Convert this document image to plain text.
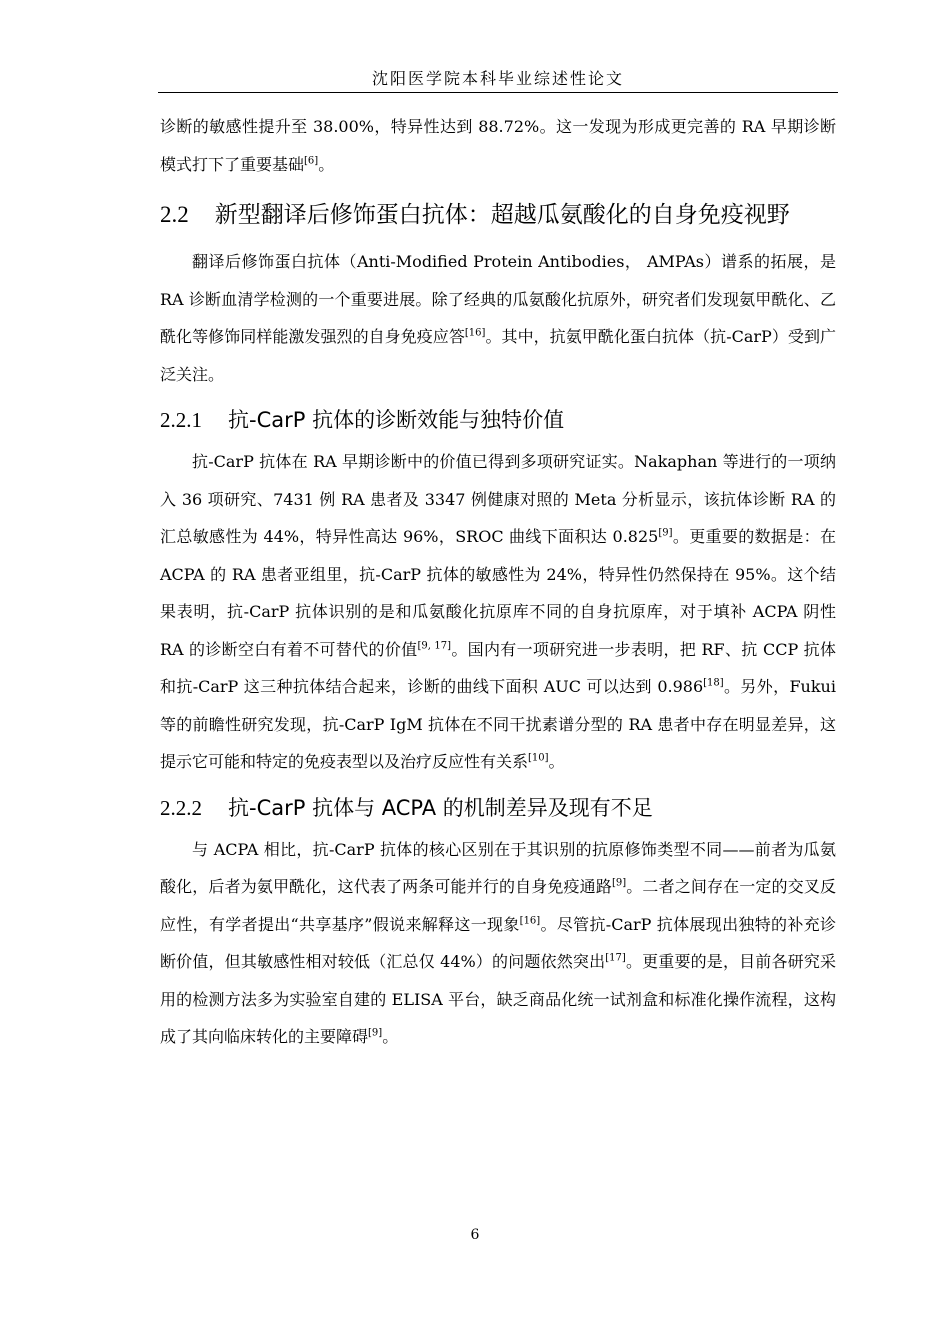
沈阳医学院本科毕业综述性论文

诊断的敏感性提升至 38.00%，特异性达到 88.72%。这一发现为形成更完善的 RA 早期诊断模式打下了重要基础[6]。

2.2 新型翻译后修饰蛋白抗体：超越瓜氨酸化的自身免疫视野

翻译后修饰蛋白抗体（Anti-Modified Protein Antibodies， AMPAs）谱系的拓展，是 RA 诊断血清学检测的一个重要进展。除了经典的瓜氨酸化抗原外，研究者们发现氨甲酰化、乙酰化等修饰同样能激发强烈的自身免疫应答[16]。其中，抗氨甲酰化蛋白抗体（抗-CarP）受到广泛关注。

2.2.1 抗-CarP 抗体的诊断效能与独特价值

抗-CarP 抗体在 RA 早期诊断中的价值已得到多项研究证实。Nakaphan 等进行的一项纳入 36 项研究、7431 例 RA 患者及 3347 例健康对照的 Meta 分析显示，该抗体诊断 RA 的汇总敏感性为 44%，特异性高达 96%，SROC 曲线下面积达 0.825[9]。更重要的数据是：在 ACPA 的 RA 患者亚组里，抗-CarP 抗体的敏感性为 24%，特异性仍然保持在 95%。这个结果表明，抗-CarP 抗体识别的是和瓜氨酸化抗原库不同的自身抗原库，对于填补 ACPA 阴性 RA 的诊断空白有着不可替代的价值[9, 17]。国内有一项研究进一步表明，把 RF、抗 CCP 抗体和抗-CarP 这三种抗体结合起来，诊断的曲线下面积 AUC 可以达到 0.986[18]。另外，Fukui 等的前瞻性研究发现，抗-CarP IgM 抗体在不同干扰素谱分型的 RA 患者中存在明显差异，这提示它可能和特定的免疫表型以及治疗反应性有关系[10]。

2.2.2 抗-CarP 抗体与 ACPA 的机制差异及现有不足

与 ACPA 相比，抗-CarP 抗体的核心区别在于其识别的抗原修饰类型不同——前者为瓜氨酸化，后者为氨甲酰化，这代表了两条可能并行的自身免疫通路[9]。二者之间存在一定的交叉反应性，有学者提出“共享基序”假说来解释这一现象[16]。尽管抗-CarP 抗体展现出独特的补充诊断价值，但其敏感性相对较低（汇总仅 44%）的问题依然突出[17]。更重要的是，目前各研究采用的检测方法多为实验室自建的 ELISA 平台，缺乏商品化统一试剂盒和标准化操作流程，这构成了其向临床转化的主要障碍[9]。

6
